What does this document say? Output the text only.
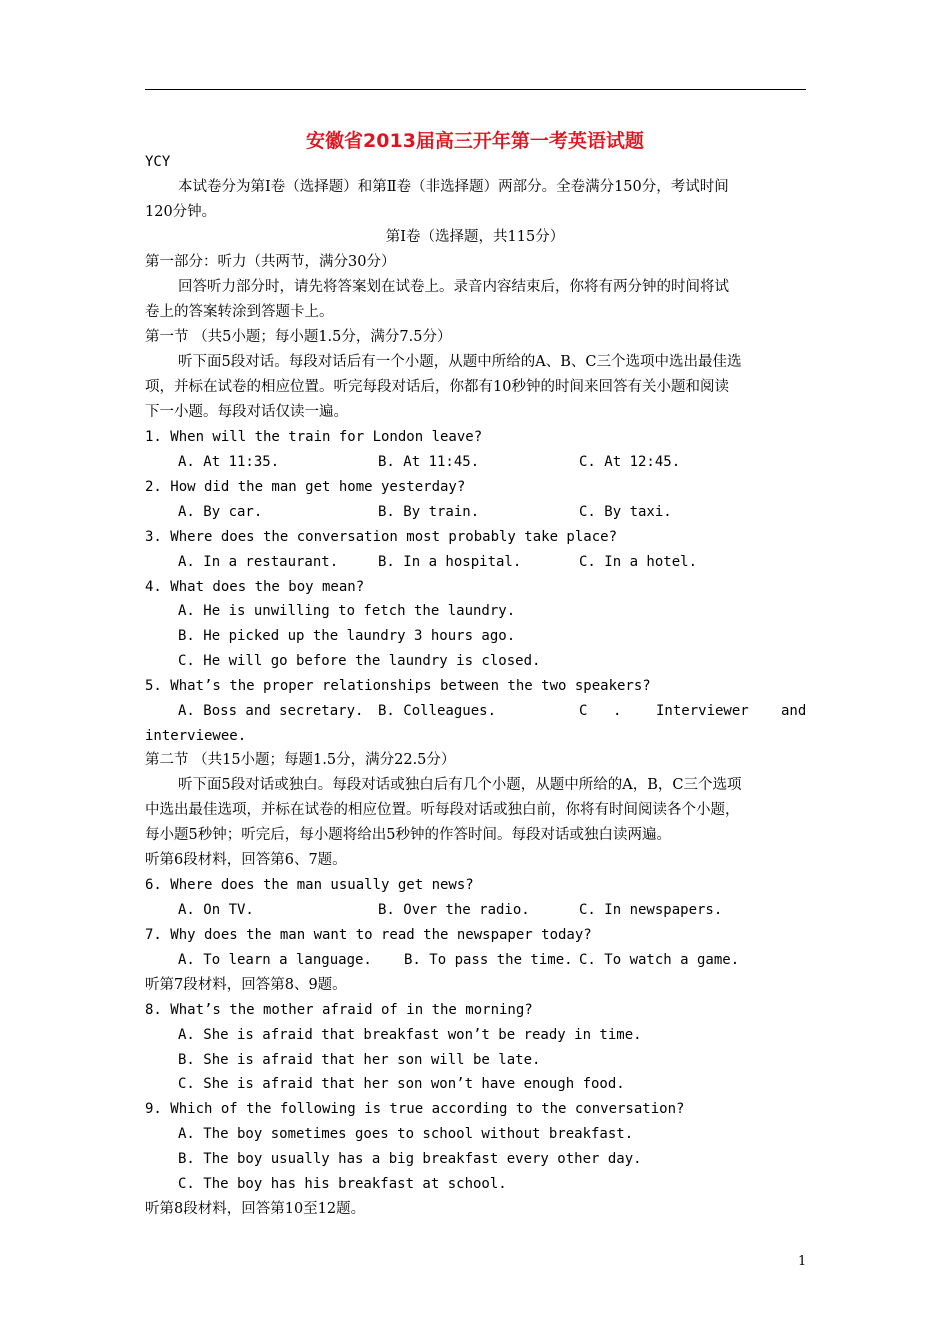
安徽省2013届高三开年第一考英语试题
YCY
本试卷分为第Ⅰ卷（选择题）和第Ⅱ卷（非选择题）两部分。全卷满分150分，考试时间
120分钟。
第Ⅰ卷（选择题，共115分）
第一部分：听力（共两节，满分30分）
回答听力部分时，请先将答案划在试卷上。录音内容结束后，你将有两分钟的时间将试
卷上的答案转涂到答题卡上。
第一节 （共5小题；每小题1.5分，满分7.5分）
听下面5段对话。每段对话后有一个小题，从题中所给的A、B、C三个选项中选出最佳选
项，并标在试卷的相应位置。听完每段对话后，你都有10秒钟的时间来回答有关小题和阅读
下一小题。每段对话仅读一遍。
1. When will the train for London leave?
A. At 11:35.	B. At 11:45.	C. At 12:45.
2. How did the man get home yesterday?
A. By car.	B. By train.	C. By taxi.
3. Where does the conversation most probably take place?
A. In a restaurant.	B. In a hospital.	C. In a hotel.
4. What does the boy mean?
A. He is unwilling to fetch the laundry.
B. He picked up the laundry 3 hours ago.
C. He will go before the laundry is closed.
5. What’s the proper relationships between the two speakers?
A. Boss and secretary. B. Colleagues.	C . Interviewer and
interviewee.
第二节 （共15小题；每题1.5分，满分22.5分）
听下面5段对话或独白。每段对话或独白后有几个小题，从题中所给的A，B，C三个选项
中选出最佳选项，并标在试卷的相应位置。听每段对话或独白前，你将有时间阅读各个小题，
每小题5秒钟；听完后，每小题将给出5秒钟的作答时间。每段对话或独白读两遍。
听第6段材料，回答第6、7题。
6. Where does the man usually get news?
A. On TV.	B. Over the radio.	C. In newspapers.
7. Why does the man want to read the newspaper today?
A. To learn a language. B. To pass the time. C. To watch a game.
听第7段材料，回答第8、9题。
8. What’s the mother afraid of in the morning?
A. She is afraid that breakfast won’t be ready in time.
B. She is afraid that her son will be late.
C. She is afraid that her son won’t have enough food.
9. Which of the following is true according to the conversation?
A. The boy sometimes goes to school without breakfast.
B. The boy usually has a big breakfast every other day.
C. The boy has his breakfast at school.
听第8段材料，回答第10至12题。
1
